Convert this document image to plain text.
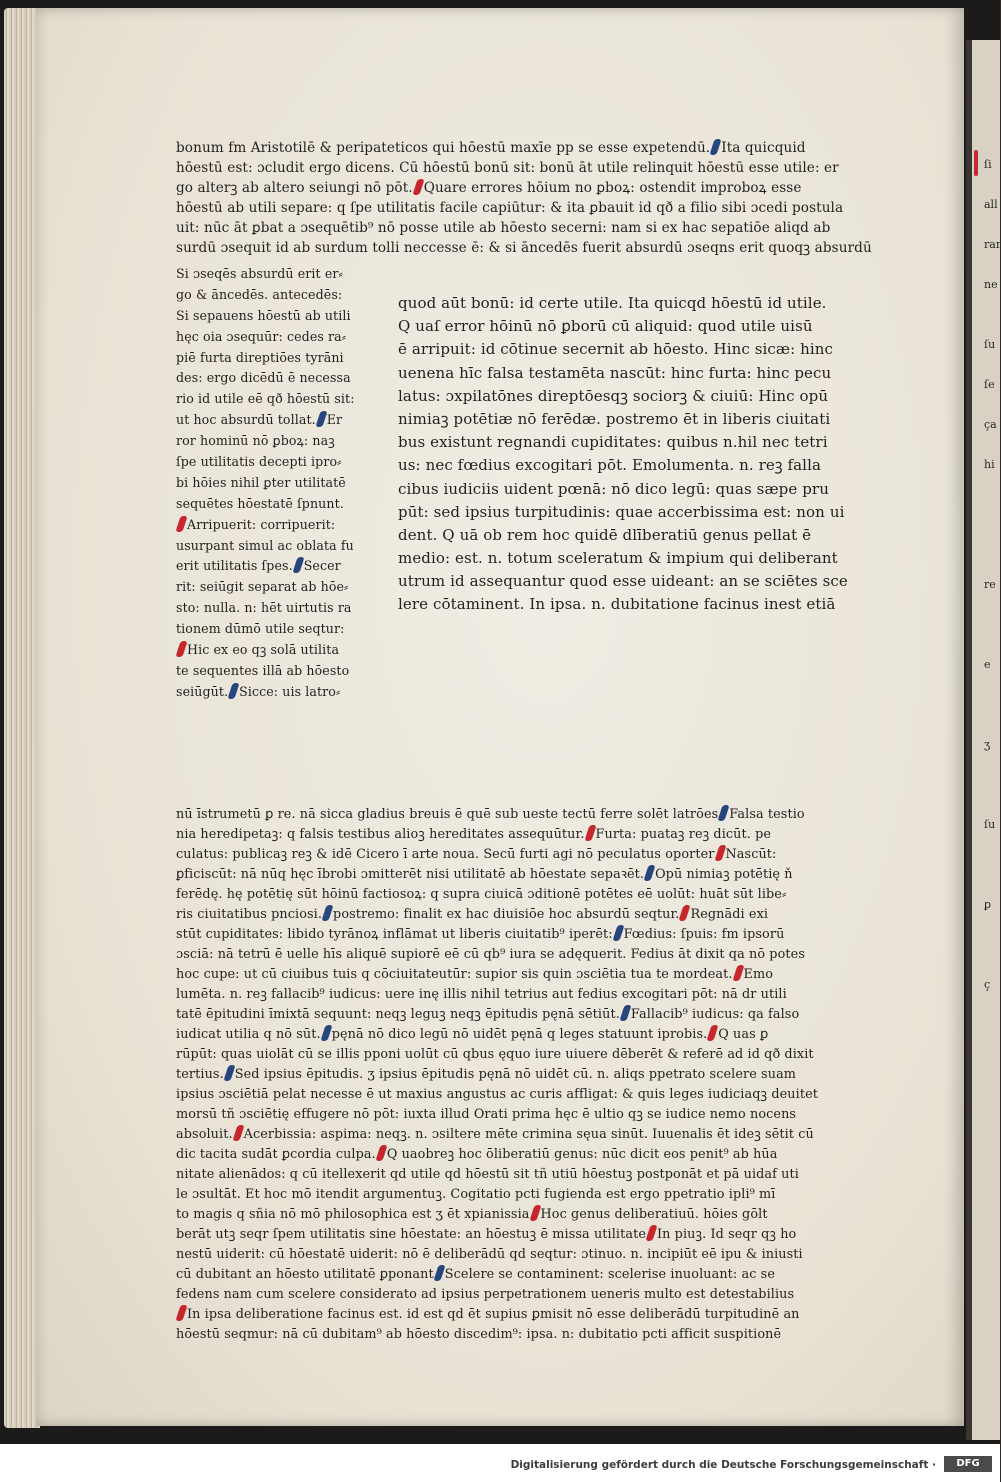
ſi
all
rar
ne
ſu
ſe
ça
hi
re
e
ʒ
ſu
ꝑ
ç
bonum fm Aristotilē & peripateticos qui hōestū maxīe pp se esse expetendū. Ita quicquid
hōestū est: ɔcludit ergo dicens. Cū hōestū bonū sit: bonū āt utile relinquit hōestū esse utile: er
go alterꝫ ab altero seiungi nō pōt. Quare errores hōium no ꝑboꝝ: ostendit improboꝝ esse
hōestū ab utili separe: q ſpe utilitatis facile capiūtur: & ita ꝑbauit id qð a filio sibi ɔcedi postula
uit: nūc āt ꝑbat a ɔsequētib⁹ nō posse utile ab hōesto secerni: nam si ex hac sepatiōe aliqd ab
surdū ɔsequit id ab surdum tolli neccesse ē: & si āncedēs fuerit absurdū ɔseqns erit quoqꝫ absurdū
Si ɔseqēs absurdū erit er⸗
go & āncedēs. antecedēs:
Si sepauens hōestū ab utili
hęc oia ɔsequūr: cedes ra⸗
piē furta direptiōes tyrāni
des: ergo dicēdū ē necessa
rio id utile eē qð hōestū sit:
ut hoc absurdū tollat. Er
ror hominū nō ꝑboꝝ: naꝫ
ſpe utilitatis decepti ipro⸗
bi hōies nihil ꝑter utilitatē
sequētes hōestatē ſpnunt.
Arripuerit: corripuerit:
usurpant simul ac oblata fu
erit utilitatis ſpes. Secer
rit: seiūgit separat ab hōe⸗
sto: nulla. n: hēt uirtutis ra
tionem dūmō utile seqtur:
Hic ex eo qꝫ solā utilita
te sequentes illā ab hōesto
seiūgūt. Sicce: uis latro⸗
quod aūt bonū: id certe utile. Ita quicqd hōestū id utile.
Q uaſ error hōinū nō ꝑborū cū aliquid: quod utile uisū
ē arripuit: id cōtinue secernit ab hōesto. Hinc sicæ: hinc
uenena hīc falsa testamēta nascūt: hinc furta: hinc pecu
latus: ɔxpilatōnes direptōesqꝫ sociorꝫ & ciuiū: Hinc opū
nimiaꝫ potētiæ nō ferēdæ. postremo ēt in liberis ciuitati
bus existunt regnandi cupiditates: quibus n.hil nec tetri
us: nec fœdius excogitari pōt. Emolumenta. n. reꝫ falla
cibus iudiciis uident pœnā: nō dico legū: quas sæpe pru
pūt: sed ipsius turpitudinis: quae accerbissima est: non ui
dent. Q uā ob rem hoc quidē dlīberatiū genus pellat ē
medio: est. n. totum sceleratum & impium qui deliberant
utrum id assequantur quod esse uideant: an se sciētes sce
lere cōtaminent. In ipsa. n. dubitatione facinus inest etiā
nū īstrumetū ꝑ re. nā sicca gladius breuis ē quē sub ueste tectū ferre solēt latrōes Falsa testio
nia heredipetaꝫ: q falsis testibus alioꝫ hereditates assequūtur. Furta: puataꝫ reꝫ dicūt. pe
culatus: publicaꝫ reꝫ & idē Cicero ī arte noua. Secū furti agi nō peculatus oporter Nascūt:
ꝑficiscūt: nā nūq hęc ībrobi ɔmitterēt nisi utilitatē ab hōestate sepaꝛēt. Opū nimiaꝫ potētię ň
ferēdę. hę potētię sūt hōinū factiosoꝝ: q supra ciuicā ɔditionē potētes eē uolūt: huāt sūt libe⸗
ris ciuitatibus pnciosi. postremo: finalit ex hac diuisiōe hoc absurdū seqtur. Regnādi exi
stūt cupiditates: libido tyrānoꝝ inflāmat ut liberis ciuitatib⁹ iperēt: Fœdius: ſpuis: fm ipsorū
ɔsciā: nā tetrū ē uelle hīs aliquē supiorē eē cū qb⁹ iura se adęquerit. Fedius āt dixit qa nō potes
hoc cupe: ut cū ciuibus tuis q cōciuitateutūr: supior sis quin ɔsciētia tua te mordeat. Emo
lumēta. n. reꝫ fallacib⁹ iudicus: uere inę illis nihil tetrius aut fedius excogitari pōt: nā dr utili
tatē ēpitudini īmixtā sequunt: neqꝫ leguꝫ neqꝫ ēpitudis pęnā sētiūt. Fallacib⁹ iudicus: qa falso
iudicat utilia q nō sūt. pęnā nō dico legū nō uidēt pęnā q leges statuunt iprobis. Q uas ꝑ
rūpūt: quas uiolāt cū se illis pponi uolūt cū qbus ęquo iure uiuere dēberēt & referē ad id qð dixit
tertius. Sed ipsius ēpitudis. ʒ ipsius ēpitudis pęnā nō uidēt cū. n. aliqs ppetrato scelere suam
ipsius ɔsciētiā pelat necesse ē ut maxius angustus ac curis affligat: & quis leges iudiciaqꝫ deuitet
morsū tñ ɔsciētię effugere nō pōt: iuxta illud Orati prima hęc ē ultio qꝫ se iudice nemo nocens
absoluit. Acerbissia: aspima: neqꝫ. n. ɔsiltere mēte crimina sęua sinūt. Iuuenalis ēt ideꝫ sētit cū
dic tacita sudāt ꝑcordia culpa. Q uaobreꝫ hoc ōliberatiū genus: nūc dicit eos penit⁹ ab hūa
nitate alienādos: q cū itellexerit qd utile qd hōestū sit tñ utiū hōestuꝫ postponāt et pā uidaf uti
le ɔsultāt. Et hoc mō itendit argumentuꝫ. Cogitatio pcti fugienda est ergo ppetratio ipli⁹ mī
to magis q sñia nō mō philosophica est ʒ ēt xpianissia Hoc genus deliberatiuū. hōies gōlt
berāt utꝫ seqr ſpem utilitatis sine hōestate: an hōestuꝫ ē missa utilitate In piuꝫ. Id seqr qꝫ ho
nestū uiderit: cū hōestatē uiderit: nō ē deliberādū qd seqtur: ɔtinuo. n. incipiūt eē ipu & iniusti
cū dubitant an hōesto utilitatē ꝑponant Scelere se contaminent: scelerise inuoluant: ac se
fedens nam cum scelere considerato ad ipsius perpetrationem ueneris multo est detestabilius
In ipsa deliberatione facinus est. id est qd ēt supius ꝑmisit nō esse deliberādū turpitudinē an
hōestū seqmur: nā cū dubitam⁹ ab hōesto discedim⁹: ipsa. n: dubitatio pcti afficit suspitionē
Digitalisierung gefördert durch die Deutsche Forschungsgemeinschaft ·	DFG
